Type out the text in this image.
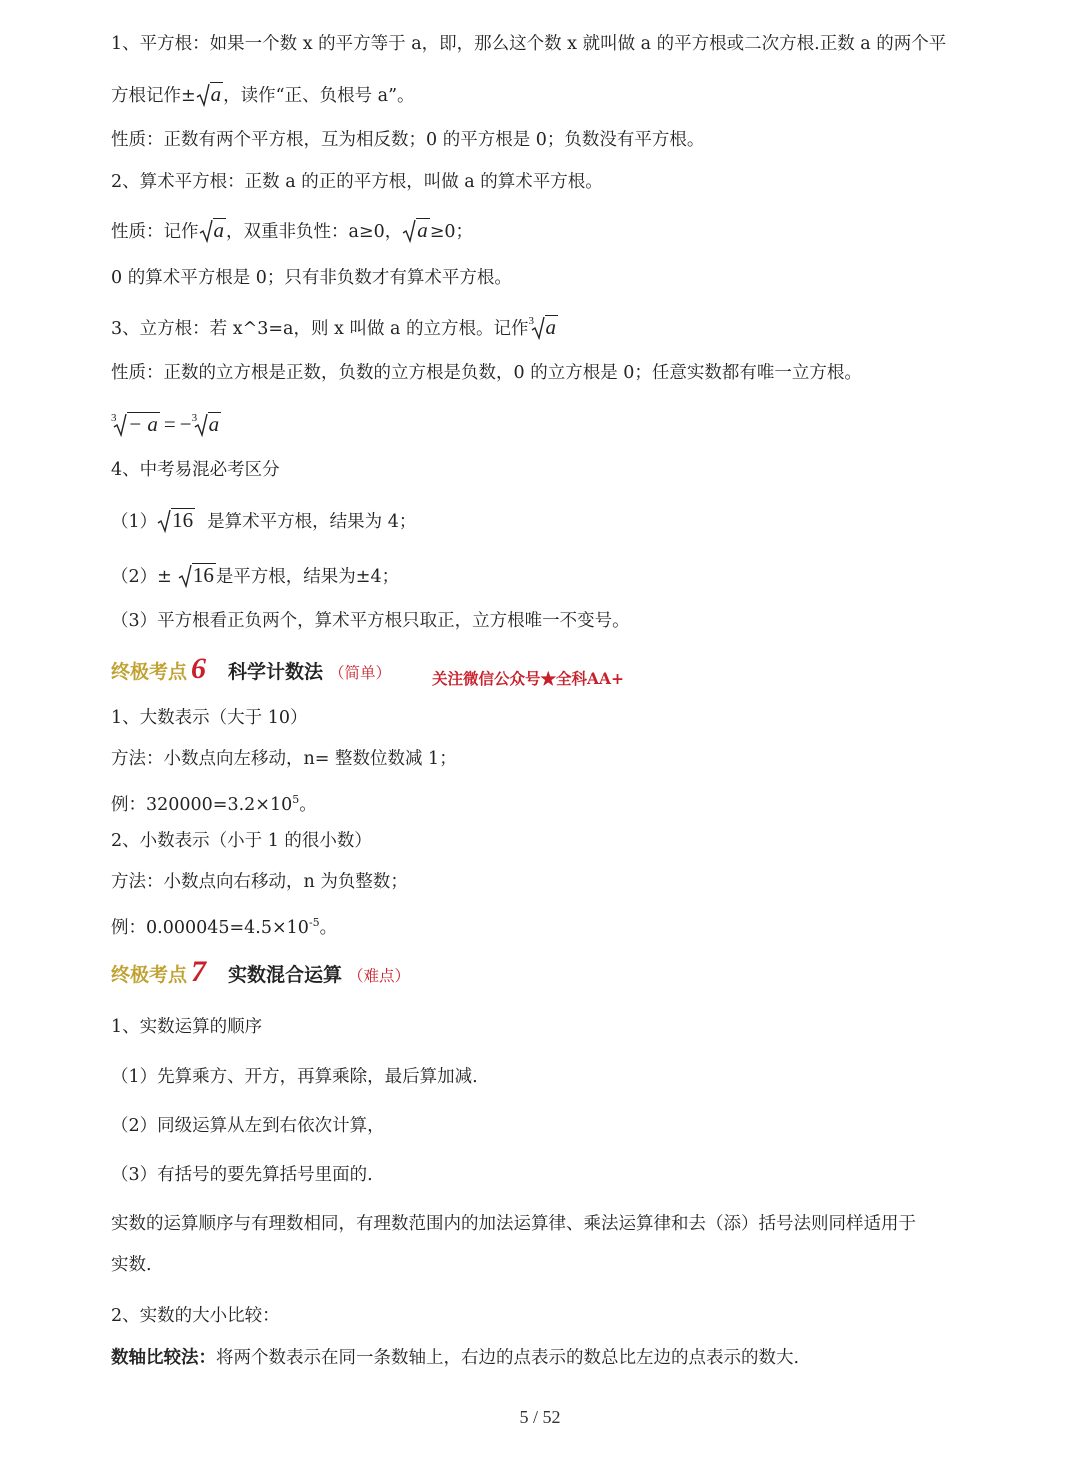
1、平方根：如果一个数 x 的平方等于 a，即，那么这个数 x 就叫做 a 的平方根或二次方根.正数 a 的两个平
方根记作± a ，读作“正、负根号 a”。
性质：正数有两个平方根，互为相反数；0 的平方根是 0；负数没有平方根。
2、算术平方根：正数 a 的正的平方根，叫做 a 的算术平方根。
性质：记作 a ，双重非负性：a≥0， a ≥0；
0 的算术平方根是 0；只有非负数才有算术平方根。
3、立方根：若 x^3=a，则 x 叫做 a 的立方根。记作 3 a
性质：正数的立方根是正数，负数的立方根是负数，0 的立方根是 0；任意实数都有唯一立方根。
3 − a = − 3 a
4、中考易混必考区分
（1） 16 是算术平方根，结果为 4；
（2）± 16 是平方根，结果为±4；
（3）平方根看正负两个，算术平方根只取正，立方根唯一不变号。
终极考点 6 科学计数法 （简单）	关注微信公众号★全科AA+
1、大数表示（大于 10）
方法：小数点向左移动，n= 整数位数减 1；
例：$320000=3.2\times 10^5$。
2、小数表示（小于 1 的很小数）
方法：小数点向右移动，n 为负整数；
例：$0.000045=4.5\times 10^{-5}$。
终极考点 7 实数混合运算 （难点）
1、实数运算的顺序
（1）先算乘方、开方，再算乘除，最后算加减.
（2）同级运算从左到右依次计算，
（3）有括号的要先算括号里面的.
实数的运算顺序与有理数相同，有理数范围内的加法运算律、乘法运算律和去（添）括号法则同样适用于
实数.
2、实数的大小比较：
数轴比较法：将两个数表示在同一条数轴上，右边的点表示的数总比左边的点表示的数大.
5 / 52
